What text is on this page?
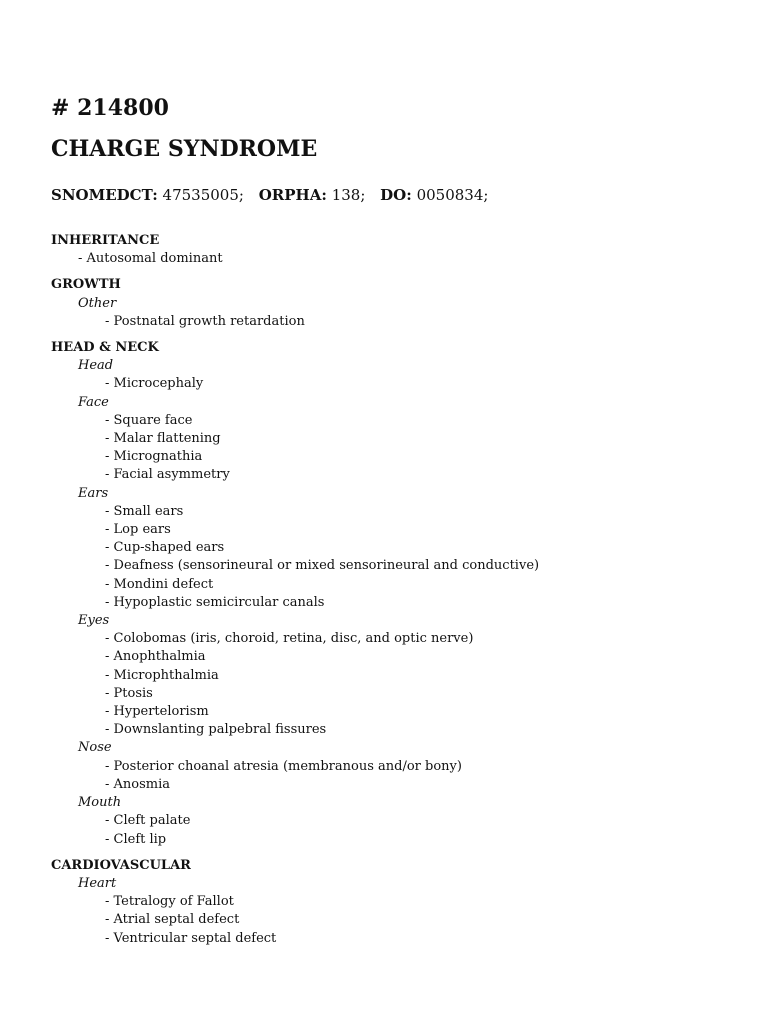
# 214800
CHARGE SYNDROME
SNOMEDCT: 47535005; ORPHA: 138; DO: 0050834;
INHERITANCE
- Autosomal dominant
GROWTH
Other
- Postnatal growth retardation
HEAD & NECK
Head
- Microcephaly
Face
- Square face
- Malar flattening
- Micrognathia
- Facial asymmetry
Ears
- Small ears
- Lop ears
- Cup-shaped ears
- Deafness (sensorineural or mixed sensorineural and conductive)
- Mondini defect
- Hypoplastic semicircular canals
Eyes
- Colobomas (iris, choroid, retina, disc, and optic nerve)
- Anophthalmia
- Microphthalmia
- Ptosis
- Hypertelorism
- Downslanting palpebral fissures
Nose
- Posterior choanal atresia (membranous and/or bony)
- Anosmia
Mouth
- Cleft palate
- Cleft lip
CARDIOVASCULAR
Heart
- Tetralogy of Fallot
- Atrial septal defect
- Ventricular septal defect
